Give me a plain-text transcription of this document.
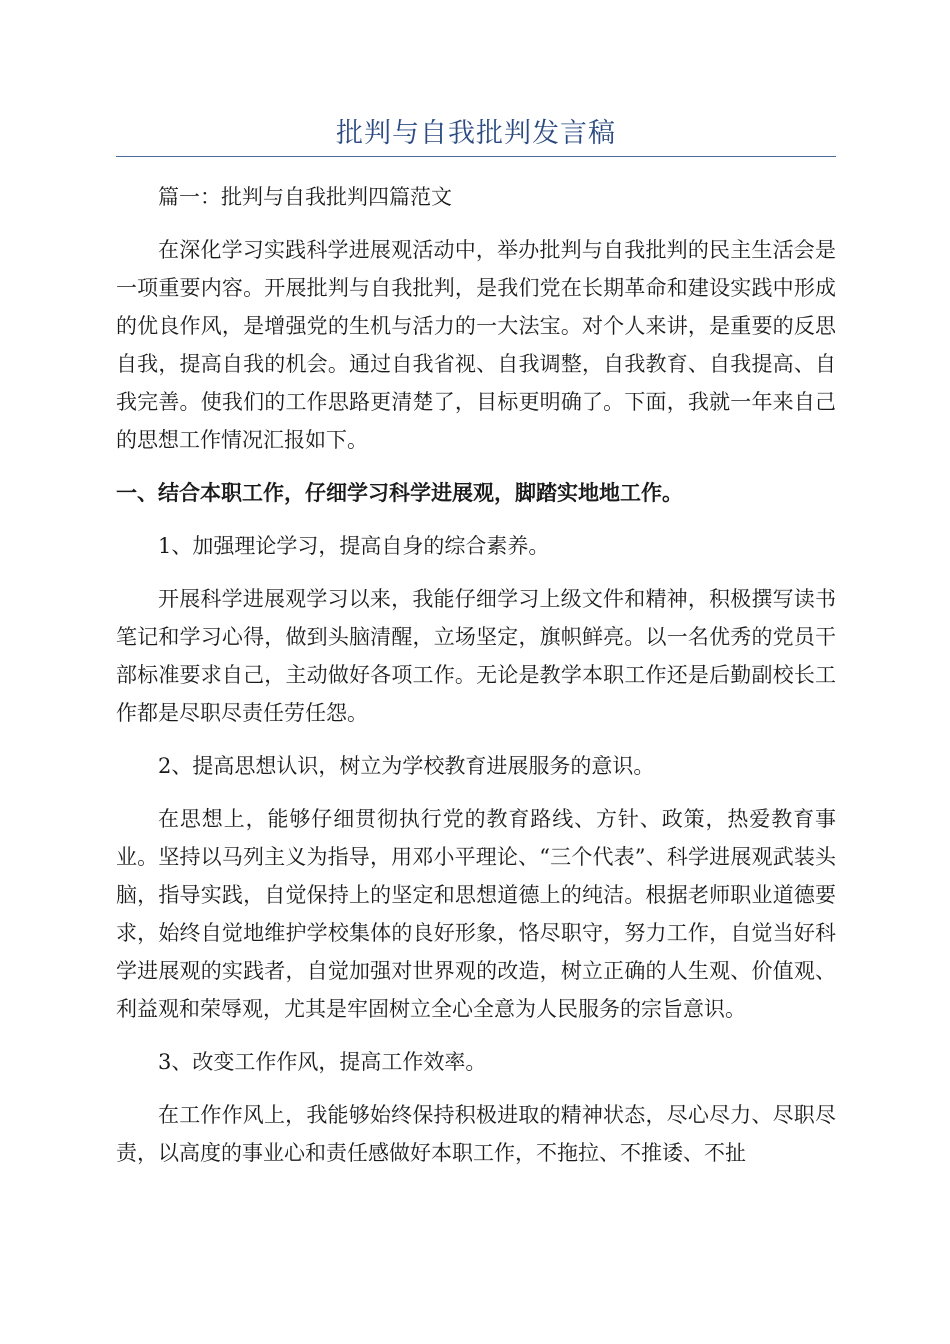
批判与自我批判发言稿

篇一：批判与自我批判四篇范文

在深化学习实践科学进展观活动中，举办批判与自我批判的民主生活会是一项重要内容。开展批判与自我批判，是我们党在长期革命和建设实践中形成的优良作风，是增强党的生机与活力的一大法宝。对个人来讲，是重要的反思自我，提高自我的机会。通过自我省视、自我调整，自我教育、自我提高、自我完善。使我们的工作思路更清楚了，目标更明确了。下面，我就一年来自己的思想工作情况汇报如下。

一、结合本职工作，仔细学习科学进展观，脚踏实地地工作。

1、加强理论学习，提高自身的综合素养。

开展科学进展观学习以来，我能仔细学习上级文件和精神，积极撰写读书笔记和学习心得，做到头脑清醒，立场坚定，旗帜鲜亮。以一名优秀的党员干部标准要求自己，主动做好各项工作。无论是教学本职工作还是后勤副校长工作都是尽职尽责任劳任怨。

2、提高思想认识，树立为学校教育进展服务的意识。

在思想上，能够仔细贯彻执行党的教育路线、方针、政策，热爱教育事业。坚持以马列主义为指导，用邓小平理论、“三个代表”、科学进展观武装头脑，指导实践，自觉保持上的坚定和思想道德上的纯洁。根据老师职业道德要求，始终自觉地维护学校集体的良好形象，恪尽职守，努力工作，自觉当好科学进展观的实践者，自觉加强对世界观的改造，树立正确的人生观、价值观、利益观和荣辱观，尤其是牢固树立全心全意为人民服务的宗旨意识。

3、改变工作作风，提高工作效率。

在工作作风上，我能够始终保持积极进取的精神状态，尽心尽力、尽职尽责，以高度的事业心和责任感做好本职工作，不拖拉、不推诿、不扯
